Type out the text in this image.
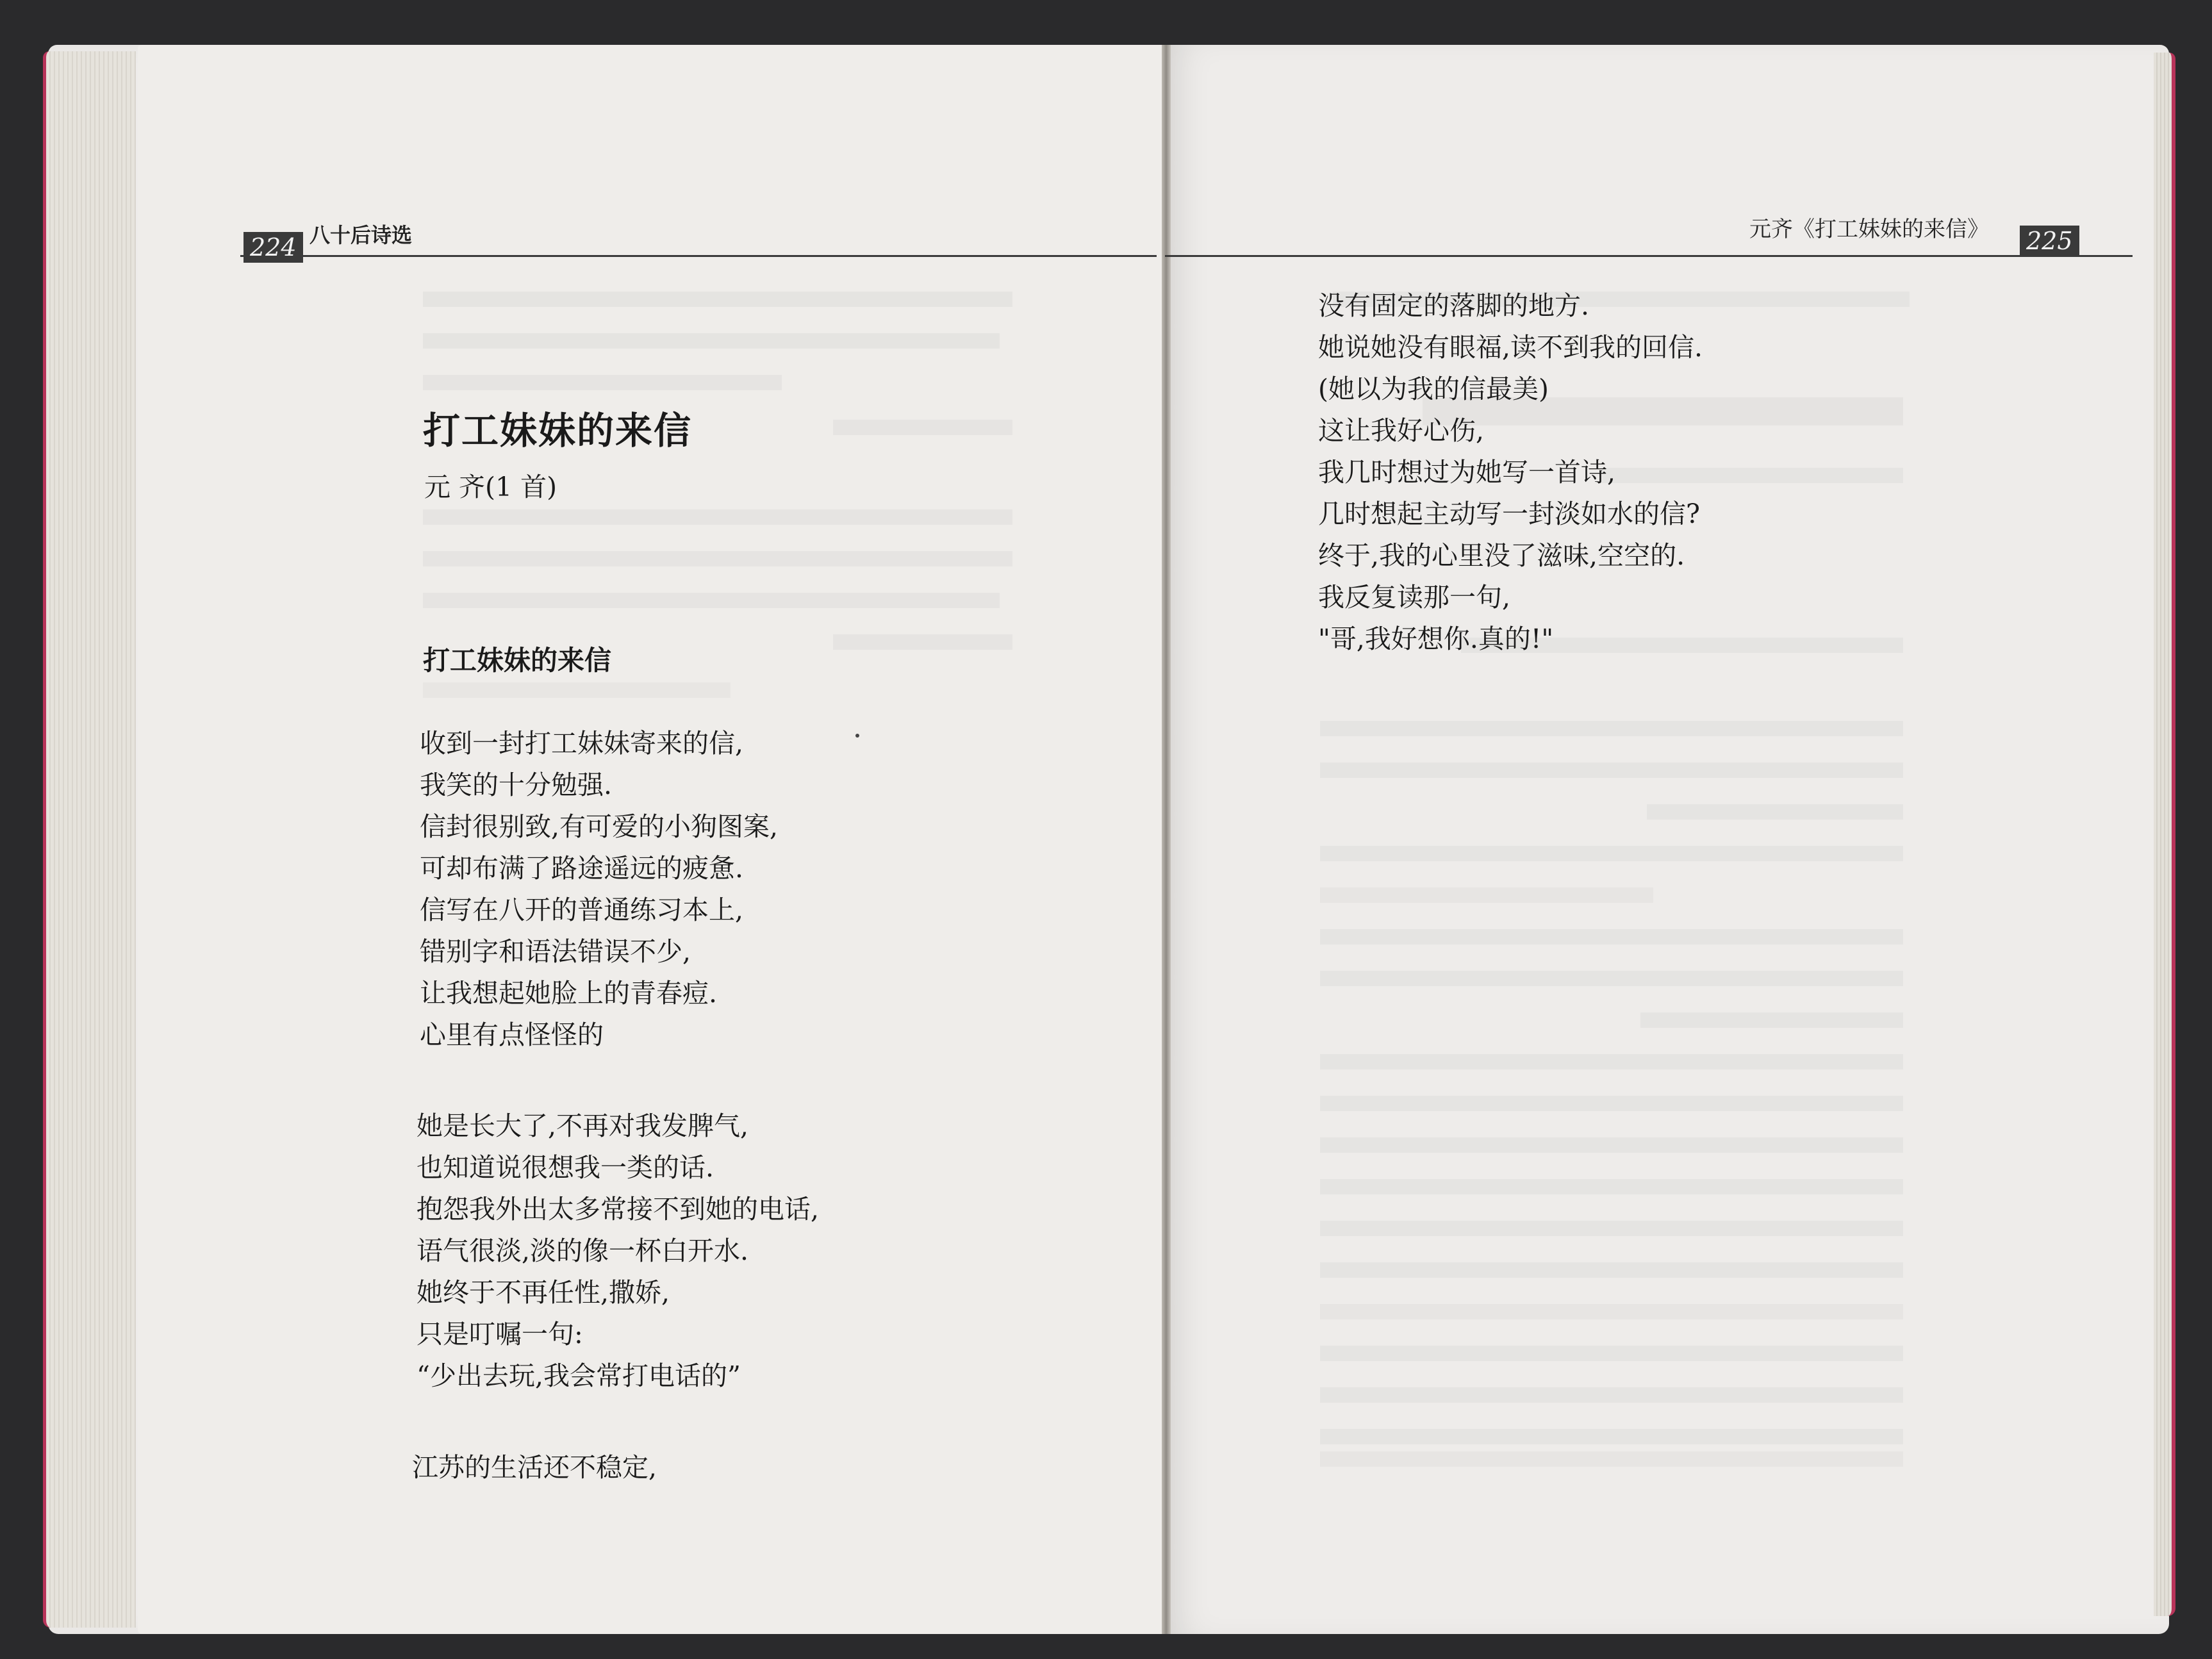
224 八十后诗选	元齐《打工妹妹的来信》 225
打工妹妹的来信
元 齐(1 首)
打工妹妹的来信
收到一封打工妹妹寄来的信,
我笑的十分勉强.
信封很别致,有可爱的小狗图案,
可却布满了路途遥远的疲惫.
信写在八开的普通练习本上,
错别字和语法错误不少,
让我想起她脸上的青春痘.
心里有点怪怪的
她是长大了,不再对我发脾气,
也知道说很想我一类的话.
抱怨我外出太多常接不到她的电话,
语气很淡,淡的像一杯白开水.
她终于不再任性,撒娇,
只是叮嘱一句:
“少出去玩,我会常打电话的”
江苏的生活还不稳定,
没有固定的落脚的地方.
她说她没有眼福,读不到我的回信.
(她以为我的信最美)
这让我好心伤,
我几时想过为她写一首诗,
几时想起主动写一封淡如水的信?
终于,我的心里没了滋味,空空的.
我反复读那一句,
"哥,我好想你.真的!"
